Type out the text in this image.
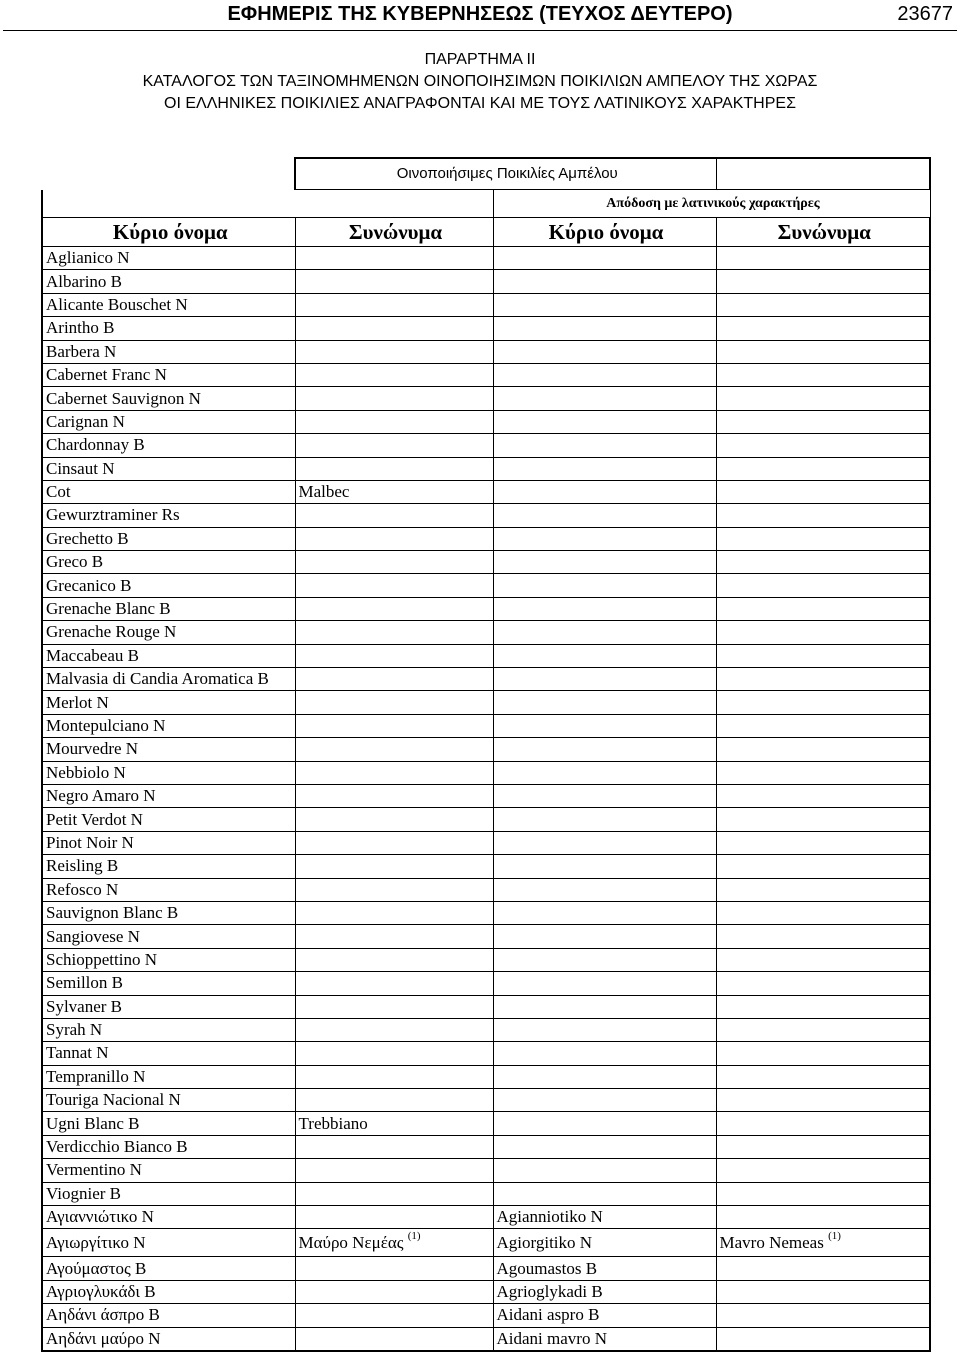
ΕΦΗΜΕΡΙΣ ΤΗΣ ΚΥΒΕΡΝΗΣΕΩΣ (ΤΕΥΧΟΣ ΔΕΥΤΕΡΟ)	23677
ΠΑΡΑΡΤΗΜΑ ΙΙ
ΚΑΤΑΛΟΓΟΣ ΤΩΝ ΤΑΞΙΝΟΜΗΜΕΝΩΝ ΟΙΝΟΠΟΙΗΣΙΜΩΝ ΠΟΙΚΙΛΙΩΝ ΑΜΠΕΛΟΥ ΤΗΣ ΧΩΡΑΣ
ΟΙ ΕΛΛΗΝΙΚΕΣ ΠΟΙΚΙΛΙΕΣ ΑΝΑΓΡΑΦΟΝΤΑΙ ΚΑΙ ΜΕ ΤΟΥΣ ΛΑΤΙΝΙΚΟΥΣ ΧΑΡΑΚΤΗΡΕΣ
	Οινοποιήσιμες Ποικιλίες Αμπέλου		
		Απόδοση με λατινικούς χαρακτήρες	
Κύριο όνομα	Συνώνυμα	Κύριο όνομα	Συνώνυμα
Aglianico N			
Albarino B			
Alicante Bouschet N			
Arintho B			
Barbera N			
Cabernet Franc N			
Cabernet Sauvignon N			
Carignan N			
Chardonnay B			
Cinsaut N			
Cot	Malbec		
Gewurztraminer Rs			
Grechetto B			
Greco B			
Grecanico B			
Grenache Blanc B			
Grenache Rouge N			
Maccabeau B			
Malvasia di Candia Aromatica B			
Merlot N			
Montepulciano N			
Mourvedre N			
Nebbiolo N			
Negro Amaro N			
Petit Verdot N			
Pinot Noir N			
Reisling B			
Refosco N			
Sauvignon Blanc B			
Sangiovese N			
Schioppettino N			
Semillon B			
Sylvaner B			
Syrah N			
Tannat N			
Tempranillo N			
Touriga Nacional N			
Ugni Blanc B	Trebbiano		
Verdicchio Bianco B			
Vermentino N			
Viognier B			
Αγιαννιώτικο N		Agianniotiko N	
Αγιωργίτικο N	Μαύρο Νεμέας $^{(1)}$	Agiorgitiko N	Mavro Nemeas $^{(1)}$
Αγούμαστος B		Agoumastos B	
Αγριογλυκάδι B		Agrioglykadi B	
Αηδάνι άσπρο B		Aidani aspro B	
Αηδάνι μαύρο N		Aidani mavro N	
